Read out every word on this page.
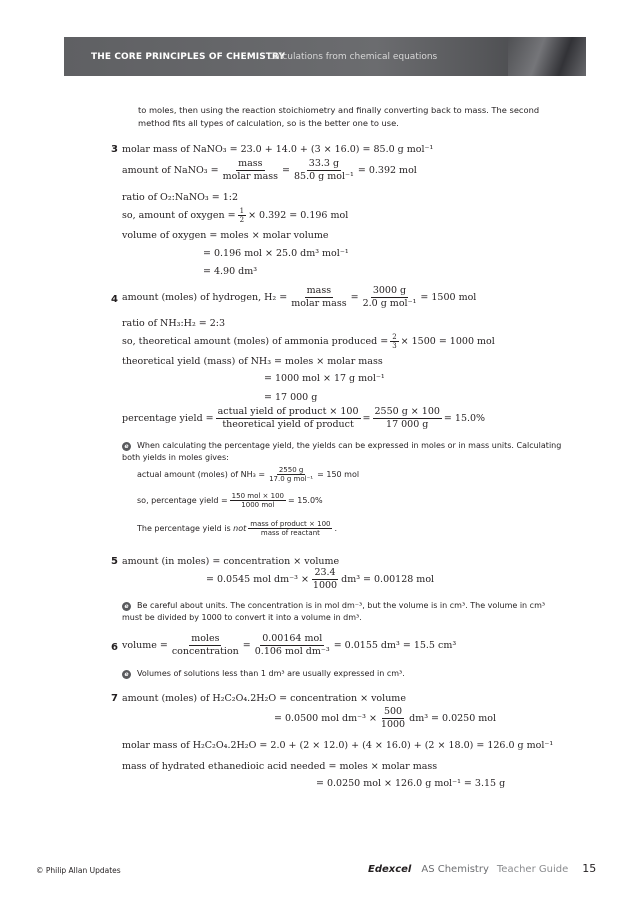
THE CORE PRINCIPLES OF CHEMISTRY
Calculations from chemical equations
to moles, then using the reaction stoichiometry and finally converting back to mass. The second method fits all types of calculation, so is the better one to use.
3 molar mass of NaNO₃ = 23.0 + 14.0 + (3 × 16.0) = 85.0 g mol⁻¹
amount of NaNO₃ = $\frac{\text{mass}}{\text{molar mass}} = \frac{33.3 g}{\text{85.0 g mol⁻¹}} = 0.392$ mol
ratio of O₂:NaNO₃ = 1:2
so, amount of oxygen = $\frac{1}{2} \times 0.392 = 0.196$ mol
volume of oxygen = moles × molar volume
= 0.196 mol × 25.0 dm³ mol⁻¹
= 4.90 dm³
4 amount (moles) of hydrogen, $H_2 = \frac{\text{mass}}{\text{molar mass}} = \frac{3000 g}{\text{2.0 g mol⁻¹}} = 1500$ mol
ratio of NH₃:H₂ = 2:3
so, theoretical amount (moles) of ammonia produced = $\frac{2}{3} \times 1500 = 1000$ mol
theoretical yield (mass) of NH₃ = moles × molar mass
= 1000 mol × 17 g mol⁻¹
= 17 000 g
percentage yield = $\frac{\text{actual yield of product × 100}}{\text{theoretical yield of product}} = \frac{2550 g \times 100}{17 000 g} = 15.0\%$
e When calculating the percentage yield, the yields can be expressed in moles or in mass units. Calculating both yields in moles gives:
actual amount (moles) of $NH_3 = \frac{2550 g}{\text{17.0 g mol⁻¹}} = 150$ mol
so, percentage yield = $\frac{\text{150 mol × 100}}{\text{1000 mol}} = 15.0\%$
The percentage yield is
not $\frac{\text{mass of product × 100}}{\text{mass of reactant}}$ .
5 amount (in moles) = concentration × volume
= 0.0545 mol $dm^{-3} \times \frac{23.4}{1000} dm^3 = 0.00128$ mol
e Be careful about units. The concentration is in mol dm⁻³, but the volume is in cm³. The volume in cm³ must be divided by 1000 to convert it into a volume in dm³.
6 volume = $\frac{\text{moles}}{\text{concentration}} = \frac{\text{0.00164 mol}}{\text{0.106 mol dm⁻³}} = 0.0155$ dm³ = 15.5 cm³
e Volumes of solutions less than 1 dm³ are usually expressed in cm³.
7 amount (moles) of H₂C₂O₄.2H₂O = concentration × volume
= 0.0500 mol $dm^{-3} \times \frac{500}{1000} dm^3 = 0.0250$ mol
molar mass of H₂C₂O₄.2H₂O = 2.0 + (2 × 12.0) + (4 × 16.0) + (2 × 18.0) = 126.0 g mol⁻¹
mass of hydrated ethanedioic acid needed = moles × molar mass
= 0.0250 mol × 126.0 g mol⁻¹ = 3.15 g
© Philip Allan Updates	Edexcel AS Chemistry Teacher Guide 15
